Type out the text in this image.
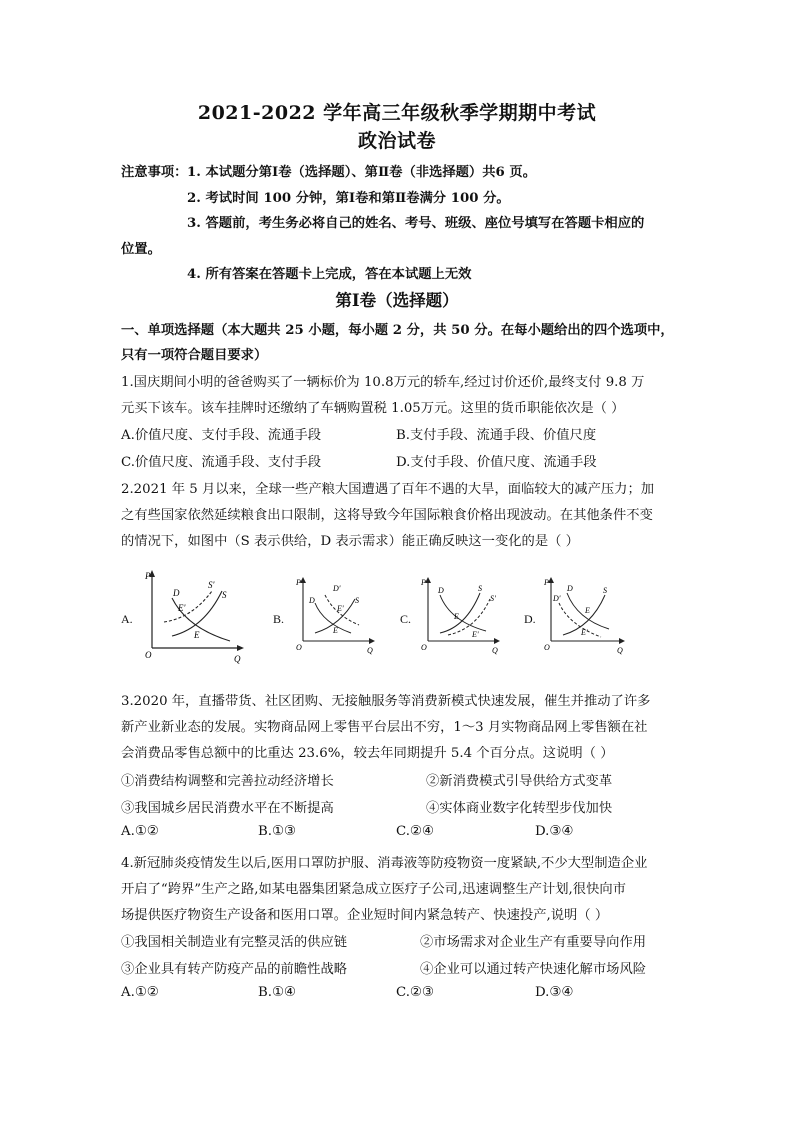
2021-2022 学年高三年级秋季学期期中考试
政治试卷
注意事项： 1. 本试题分第Ⅰ卷（选择题）、第Ⅱ卷（非选择题）共6 页。
2. 考试时间 100 分钟，第Ⅰ卷和第Ⅱ卷满分 100 分。
3. 答题前，考生务必将自己的姓名、考号、班级、座位号填写在答题卡相应的
位置。
4. 所有答案在答题卡上完成，答在本试题上无效
第Ⅰ卷（选择题）
一、单项选择题（本大题共 25 小题，每小题 2 分，共 50 分。在每小题给出的四个选项中，
只有一项符合题目要求）
1.国庆期间小明的爸爸购买了一辆标价为 10.8万元的轿车,经过讨价还价,最终支付 9.8 万
元买下该车。该车挂牌时还缴纳了车辆购置税 1.05万元。这里的货币职能依次是（ ）
A.价值尺度、支付手段、流通手段	B.支付手段、流通手段、价值尺度
C.价值尺度、流通手段、支付手段	D.支付手段、价值尺度、流通手段
2.2021 年 5 月以来，全球一些产粮大国遭遇了百年不遇的大旱，面临较大的减产压力；加
之有些国家依然延续粮食出口限制，这将导致今年国际粮食价格出现波动。在其他条件不变
的情况下，如图中（S 表示供给，D 表示需求）能正确反映这一变化的是（ ）
A.	B.	C.	D.
P
O	Q
D
S'
S
E'
E
P
O	Q
D'
D
E'
S
E
P
O	Q
D	S
S'
E
E'
P
O	Q
D'
D	S
E
E'
3.2020 年，直播带货、社区团购、无接触服务等消费新模式快速发展，催生并推动了许多
新产业新业态的发展。实物商品网上零售平台层出不穷，1～3 月实物商品网上零售额在社
会消费品零售总额中的比重达 23.6%，较去年同期提升 5.4 个百分点。这说明（ ）
①消费结构调整和完善拉动经济增长	②新消费模式引导供给方式变革
③我国城乡居民消费水平在不断提高	④实体商业数字化转型步伐加快
A.①②	B.①③	C.②④	D.③④
4.新冠肺炎疫情发生以后,医用口罩防护服、消毒液等防疫物资一度紧缺,不少大型制造企业
开启了“跨界”生产之路,如某电器集团紧急成立医疗子公司,迅速调整生产计划,很快向市
场提供医疗物资生产设备和医用口罩。企业短时间内紧急转产、快速投产,说明（ ）
①我国相关制造业有完整灵活的供应链	②市场需求对企业生产有重要导向作用
③企业具有转产防疫产品的前瞻性战略	④企业可以通过转产快速化解市场风险
A.①②	B.①④	C.②③	D.③④
